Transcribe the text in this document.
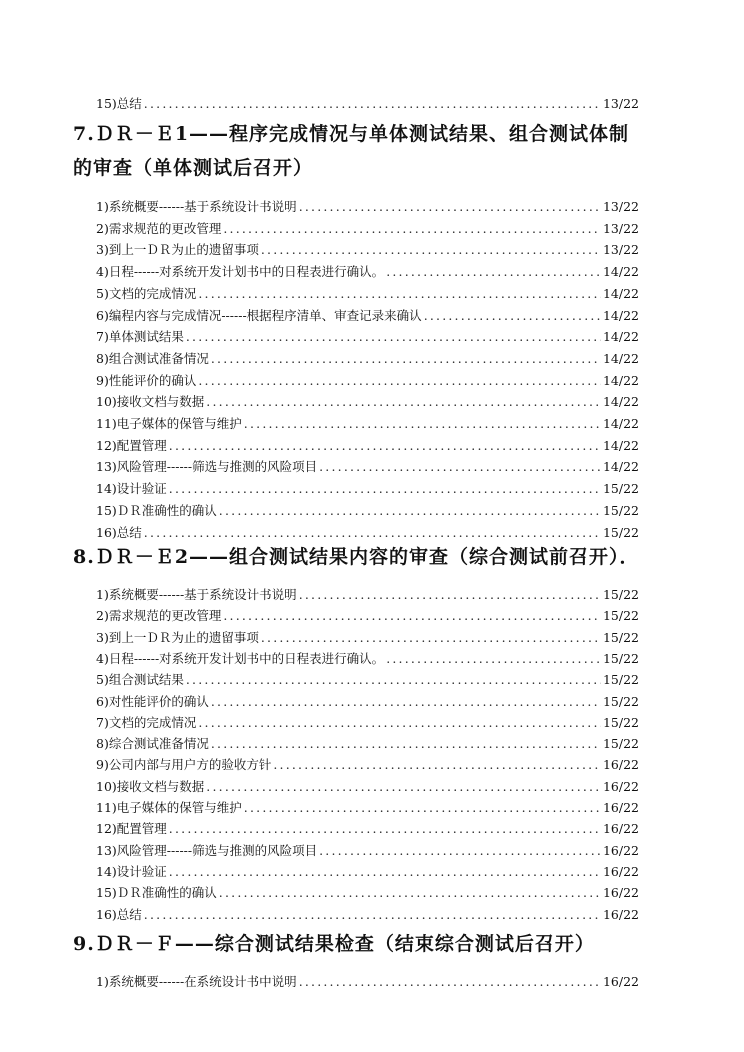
15)总结 .....	13/22
7.ＤＲ－Ｅ1——程序完成情况与单体测试结果、组合测试体制
的审查（单体测试后召开）
1)系统概要------基于系统设计书说明 .....	13/22
2)需求规范的更改管理 .....	13/22
3)到上一ＤＲ为止的遗留事项 .....	13/22
4)日程------对系统开发计划书中的日程表进行确认。 .....	14/22
5)文档的完成情况 .....	14/22
6)编程内容与完成情况------根据程序清单、审查记录来确认 .....	14/22
7)单体测试结果 .....	14/22
8)组合测试准备情况 .....	14/22
9)性能评价的确认 .....	14/22
10)接收文档与数据 .....	14/22
11)电子媒体的保管与维护 .....	14/22
12)配置管理 .....	14/22
13)风险管理------筛选与推测的风险项目 .....	14/22
14)设计验证 .....	15/22
15)ＤＲ准确性的确认 .....	15/22
16)总结 .....	15/22
8.ＤＲ－Ｅ2——组合测试结果内容的审查（综合测试前召开）．
1)系统概要------基于系统设计书说明 .....	15/22
2)需求规范的更改管理 .....	15/22
3)到上一ＤＲ为止的遗留事项 .....	15/22
4)日程------对系统开发计划书中的日程表进行确认。 .....	15/22
5)组合测试结果 .....	15/22
6)对性能评价的确认 .....	15/22
7)文档的完成情况 .....	15/22
8)综合测试准备情况 .....	15/22
9)公司内部与用户方的验收方针 .....	16/22
10)接收文档与数据 .....	16/22
11)电子媒体的保管与维护 .....	16/22
12)配置管理 .....	16/22
13)风险管理------筛选与推测的风险项目 .....	16/22
14)设计验证 .....	16/22
15)ＤＲ准确性的确认 .....	16/22
16)总结 .....	16/22
9.ＤＲ－Ｆ——综合测试结果检查（结束综合测试后召开）
1)系统概要------在系统设计书中说明 .....	16/22
